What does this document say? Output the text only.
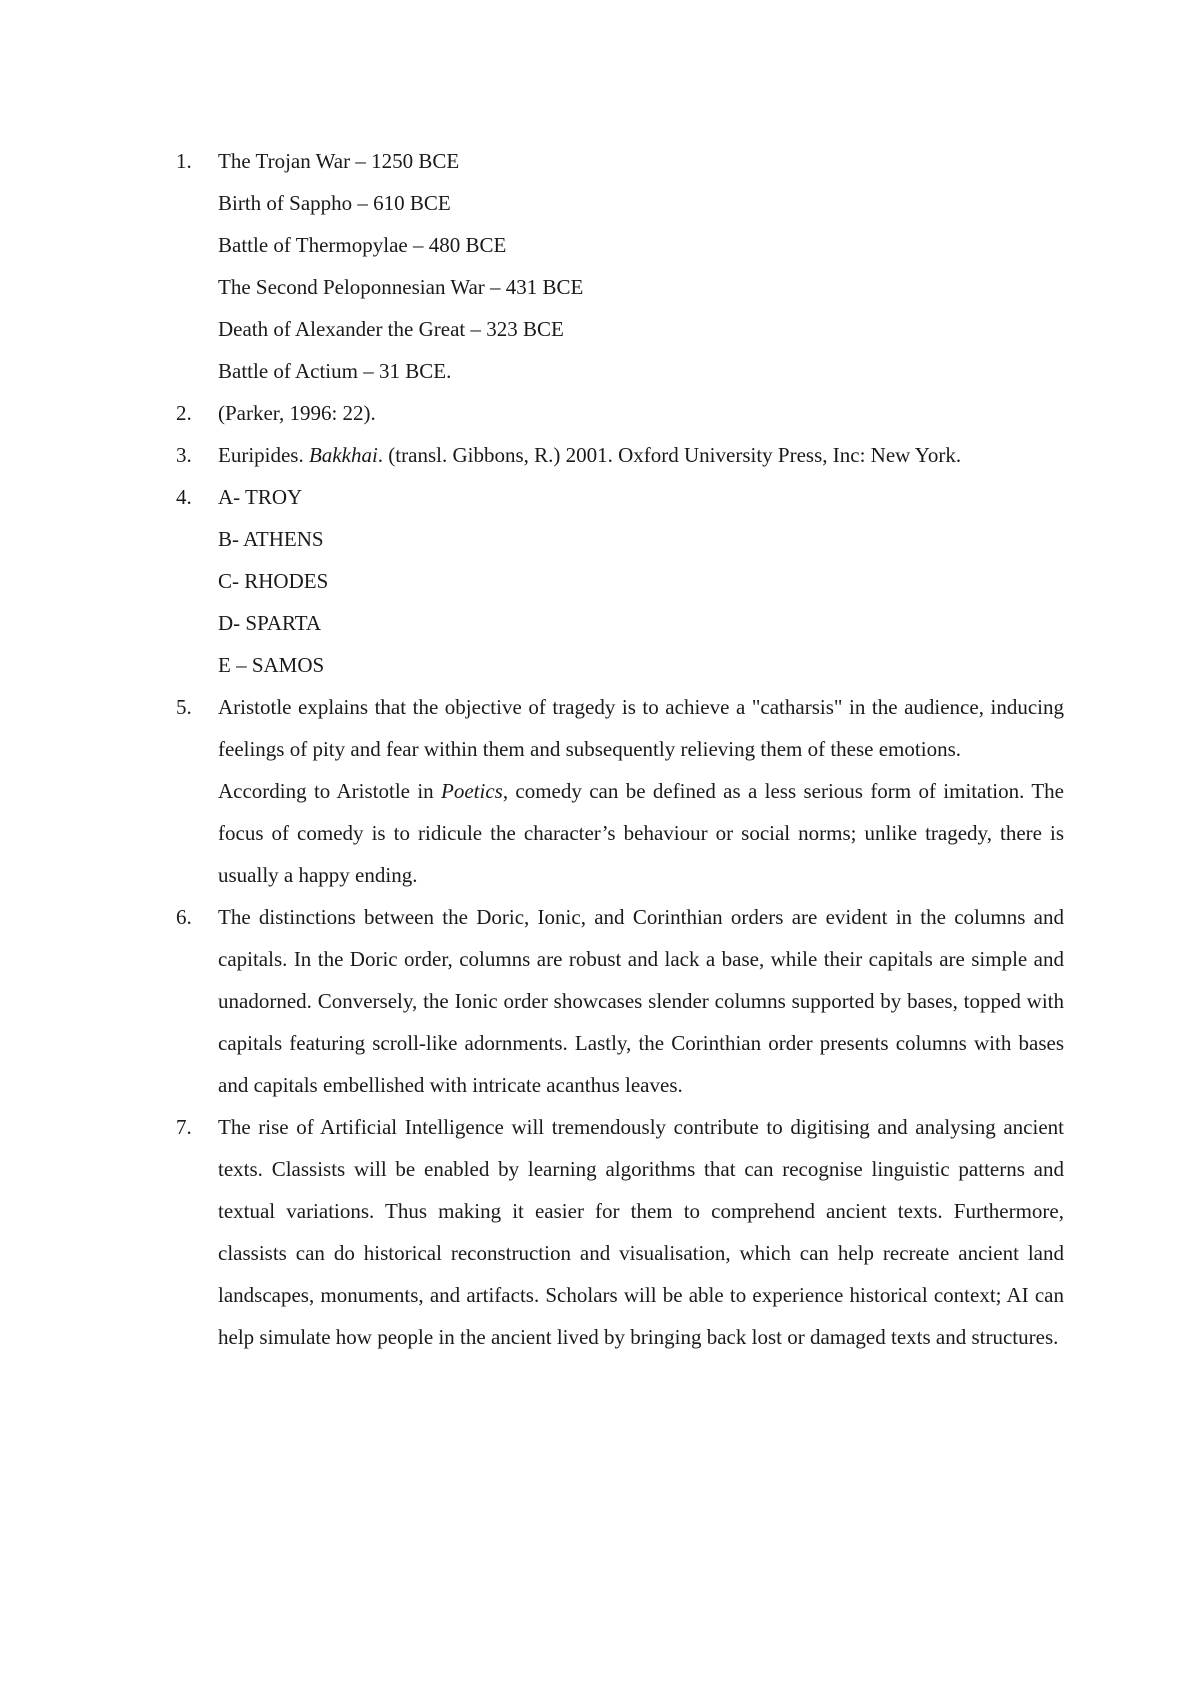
1. The Trojan War – 1250 BCE
Birth of Sappho – 610 BCE
Battle of Thermopylae – 480 BCE
The Second Peloponnesian War – 431 BCE
Death of Alexander the Great – 323 BCE
Battle of Actium – 31 BCE.
2. (Parker, 1996: 22).
3. Euripides. Bakkhai. (transl. Gibbons, R.) 2001. Oxford University Press, Inc: New York.
4. A- TROY
B- ATHENS
C- RHODES
D- SPARTA
E – SAMOS
5. Aristotle explains that the objective of tragedy is to achieve a "catharsis" in the audience, inducing feelings of pity and fear within them and subsequently relieving them of these emotions.
According to Aristotle in Poetics, comedy can be defined as a less serious form of imitation. The focus of comedy is to ridicule the character’s behaviour or social norms; unlike tragedy, there is usually a happy ending.
6. The distinctions between the Doric, Ionic, and Corinthian orders are evident in the columns and capitals. In the Doric order, columns are robust and lack a base, while their capitals are simple and unadorned. Conversely, the Ionic order showcases slender columns supported by bases, topped with capitals featuring scroll-like adornments. Lastly, the Corinthian order presents columns with bases and capitals embellished with intricate acanthus leaves.
7. The rise of Artificial Intelligence will tremendously contribute to digitising and analysing ancient texts. Classists will be enabled by learning algorithms that can recognise linguistic patterns and textual variations. Thus making it easier for them to comprehend ancient texts. Furthermore, classists can do historical reconstruction and visualisation, which can help recreate ancient land landscapes, monuments, and artifacts. Scholars will be able to experience historical context; AI can help simulate how people in the ancient lived by bringing back lost or damaged texts and structures.
